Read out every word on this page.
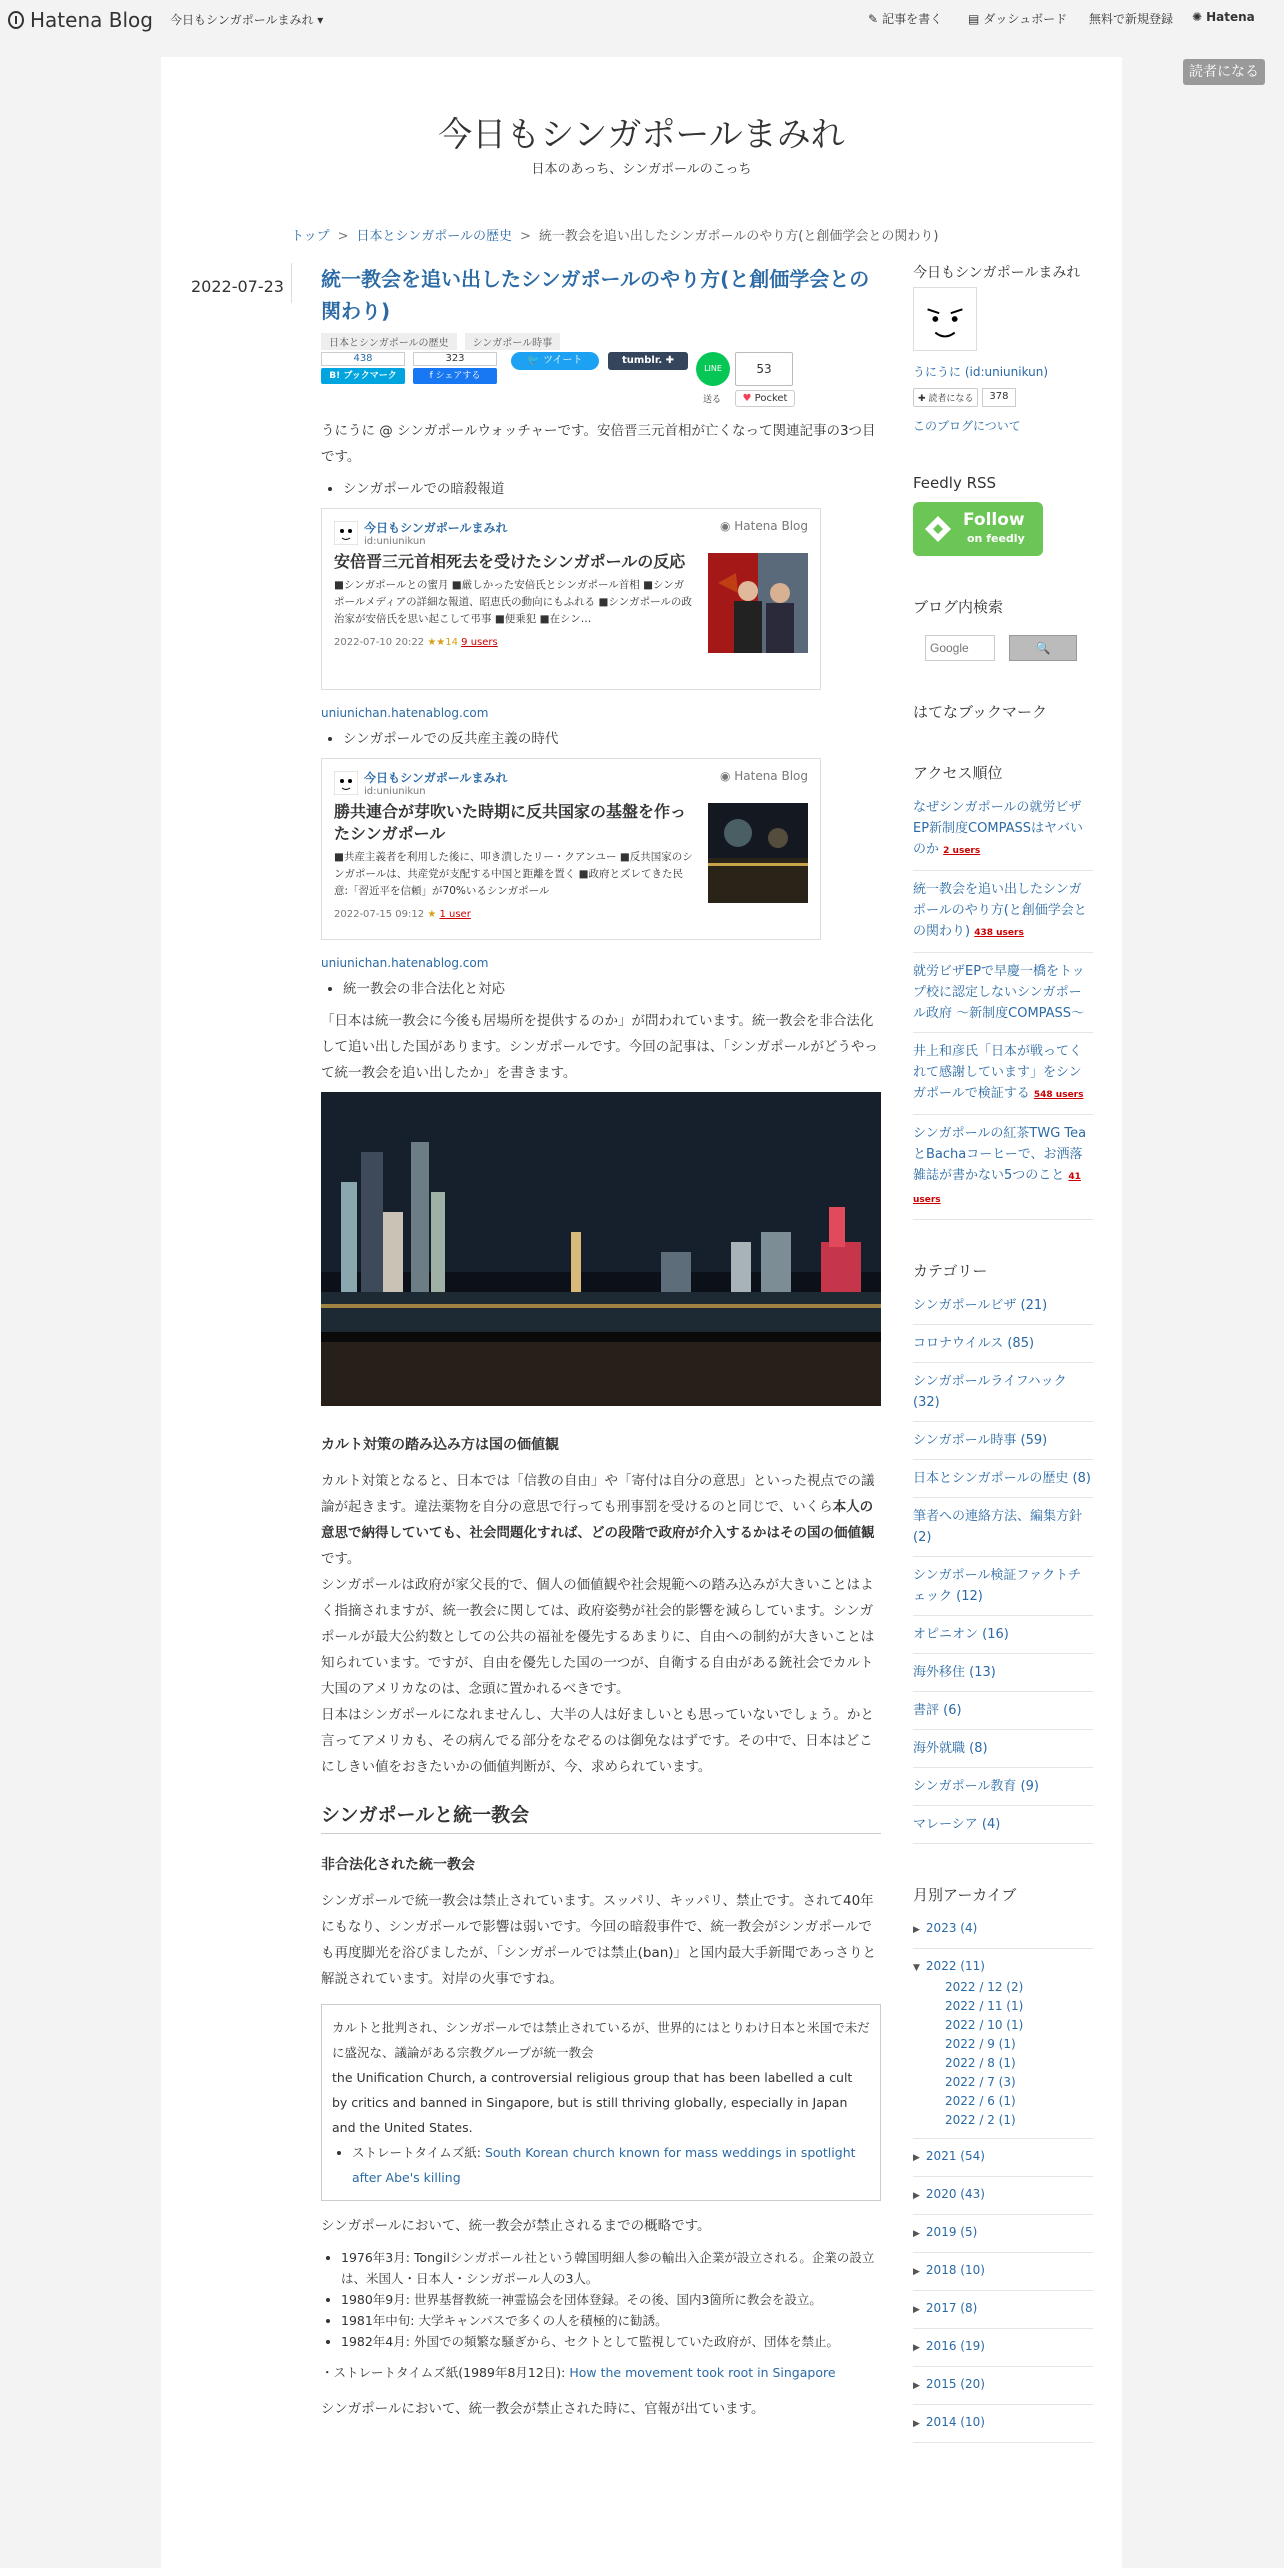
Hatena Blog 今日もシンガポールまみれ ▾	✎ 記事を書く ▤ ダッシュボード 無料で新規登録 ✺ Hatena
読者になる
今日もシンガポールまみれ
日本のあっち、シンガポールのこっち
トップ > 日本とシンガポールの歴史 > 統一教会を追い出したシンガポールのやり方(と創価学会との関わり)
2022-07-23 統一教会を追い出したシンガポールのやり方(と創価学会との関わり)
日本とシンガポールの歴史	シンガポール時事
438
B! ブックマーク
323
f シェアする
🐦 ツイート	tumblr. ✚
LINE
送る
53
♥ Pocket

うにうに @ シンガポールウォッチャーです。安倍晋三元首相が亡くなって関連記事の3つ目です。

• シンガポールでの暗殺報道
今日もシンガポールまみれ
id:uniunikun
◉ Hatena Blog
安倍晋三元首相死去を受けたシンガポールの反応
■シンガポールとの蜜月 ■厳しかった安倍氏とシンガポール首相 ■シンガポールメディアの詳細な報道、昭恵氏の動向にもふれる ■シンガポールの政治家が安倍氏を思い起こして弔事 ■便乗犯 ■在シン…
2022-07-10 20:22 ★★14 9 users
uniunichan.hatenablog.com
• シンガポールでの反共産主義の時代
今日もシンガポールまみれ
id:uniunikun
◉ Hatena Blog
勝共連合が芽吹いた時期に反共国家の基盤を作ったシンガポール
■共産主義者を利用した後に、叩き潰したリー・クアンユー ■反共国家のシンガポールは、共産党が支配する中国と距離を置く ■政府とズレてきた民意:「習近平を信頼」が70%いるシンガポール
2022-07-15 09:12 ★ 1 user
uniunichan.hatenablog.com
• 統一教会の非合法化と対応

「日本は統一教会に今後も居場所を提供するのか」が問われています。統一教会を非合法化して追い出した国があります。シンガポールです。今回の記事は、「シンガポールがどうやって統一教会を追い出したか」を書きます。

カルト対策の踏み込み方は国の価値観

カルト対策となると、日本では「信教の自由」や「寄付は自分の意思」といった視点での議論が起きます。違法薬物を自分の意思で行っても刑事罰を受けるのと同じで、いくら本人の意思で納得していても、社会問題化すれば、どの段階で政府が介入するかはその国の価値観です。

シンガポールは政府が家父長的で、個人の価値観や社会規範への踏み込みが大きいことはよく指摘されますが、統一教会に関しては、政府姿勢が社会的影響を減らしています。シンガポールが最大公約数としての公共の福祉を優先するあまりに、自由への制約が大きいことは知られています。ですが、自由を優先した国の一つが、自衛する自由がある銃社会でカルト大国のアメリカなのは、念頭に置かれるべきです。

日本はシンガポールになれませんし、大半の人は好ましいとも思っていないでしょう。かと言ってアメリカも、その病んでる部分をなぞるのは御免なはずです。その中で、日本はどこにしきい値をおきたいかの価値判断が、今、求められています。

シンガポールと統一教会
非合法化された統一教会

シンガポールで統一教会は禁止されています。スッパリ、キッパリ、禁止です。されて40年にもなり、シンガポールで影響は弱いです。今回の暗殺事件で、統一教会がシンガポールでも再度脚光を浴びましたが、「シンガポールでは禁止(ban)」と国内最大手新聞であっさりと解説されています。対岸の火事ですね。

カルトと批判され、シンガポールでは禁止されているが、世界的にはとりわけ日本と米国で未だに盛況な、議論がある宗教グループが統一教会
the Unification Church, a controversial religious group that has been labelled a cult by critics and banned in Singapore, but is still thriving globally, especially in Japan and the United States.
• ストレートタイムズ紙: South Korean church known for mass weddings in spotlight after Abe's killing

シンガポールにおいて、統一教会が禁止されるまでの概略です。

• 1976年3月: Tongilシンガポール社という韓国明細人参の輸出入企業が設立される。企業の設立は、米国人・日本人・シンガポール人の3人。
• 1980年9月: 世界基督教統一神霊協会を団体登録。その後、国内3箇所に教会を設立。
• 1981年中旬: 大学キャンパスで多くの人を積極的に勧誘。
• 1982年4月: 外国での頻繁な騒ぎから、セクトとして監視していた政府が、団体を禁止。

・ストレートタイムズ紙(1989年8月12日): How the movement took root in Singapore

シンガポールにおいて、統一教会が禁止された時に、官報が出ています。

今日もシンガポールまみれ
うにうに (id:uniunikun)
✚ 読者になる	378
このブログについて
Feedly RSS
Follow
on feedly
ブログ内検索
Google
🔍
はてなブックマーク
アクセス順位
なぜシンガポールの就労ビザEP新制度COMPASSはヤバいのか 2 users
統一教会を追い出したシンガポールのやり方(と創価学会との関わり) 438 users
就労ビザEPで早慶一橋をトップ校に認定しないシンガポール政府 ～新制度COMPASS～
井上和彦氏「日本が戦ってくれて感謝しています」をシンガポールで検証する 548 users
シンガポールの紅茶TWG TeaとBachaコーヒーで、お洒落雑誌が書かない5つのこと 41 users
カテゴリー
シンガポールビザ (21)
コロナウイルス (85)
シンガポールライフハック (32)
シンガポール時事 (59)
日本とシンガポールの歴史 (8)
筆者への連絡方法、編集方針 (2)
シンガポール検証ファクトチェック (12)
オピニオン (16)
海外移住 (13)
書評 (6)
海外就職 (8)
シンガポール教育 (9)
マレーシア (4)
月別アーカイブ
▶ 2023 (4)
▼ 2022 (11)
2022 / 12 (2)
2022 / 11 (1)
2022 / 10 (1)
2022 / 9 (1)
2022 / 8 (1)
2022 / 7 (3)
2022 / 6 (1)
2022 / 2 (1)
▶ 2021 (54)
▶ 2020 (43)
▶ 2019 (5)
▶ 2018 (10)
▶ 2017 (8)
▶ 2016 (19)
▶ 2015 (20)
▶ 2014 (10)
